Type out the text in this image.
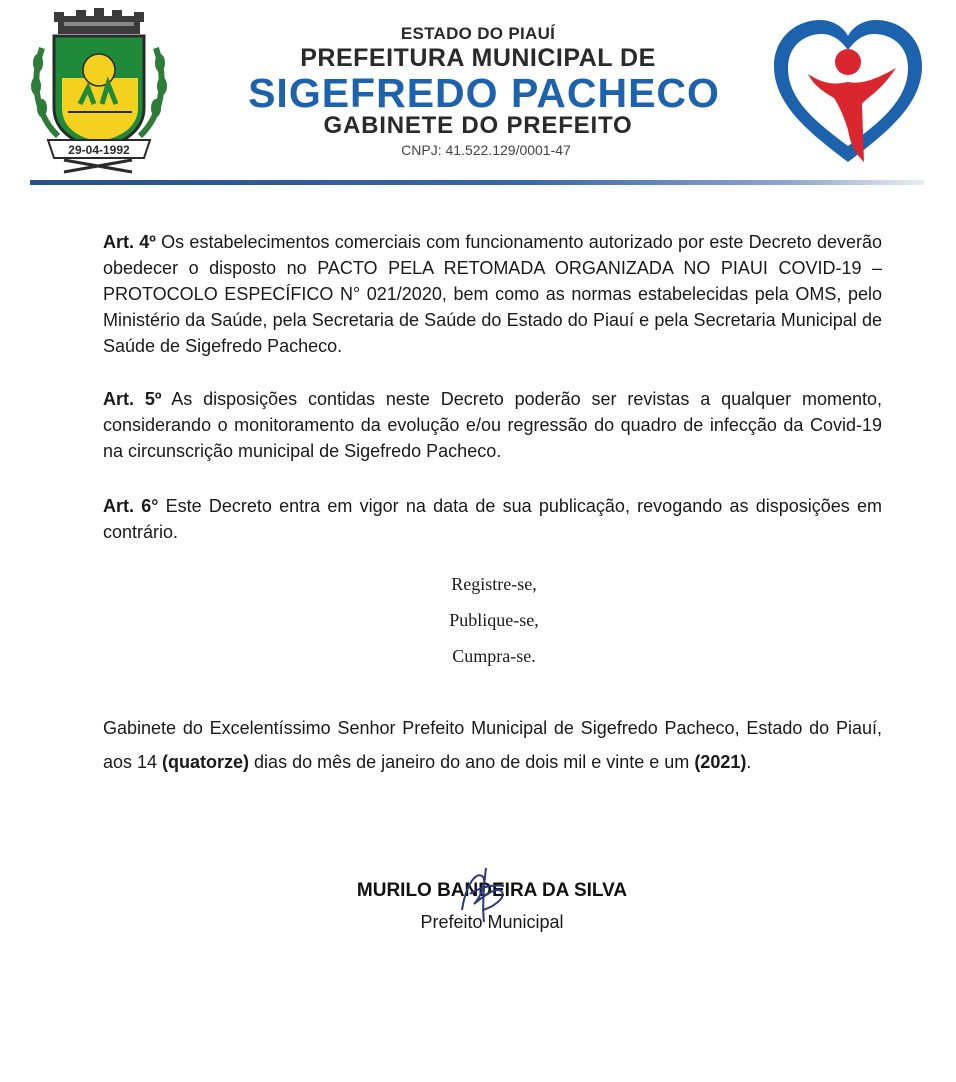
29-04-1992
ESTADO DO PIAUÍ
PREFEITURA MUNICIPAL DE
SIGEFREDO PACHECO
GABINETE DO PREFEITO
CNPJ: 41.522.129/0001-47

Art. 4º Os estabelecimentos comerciais com funcionamento autorizado por este Decreto deverão obedecer o disposto no PACTO PELA RETOMADA ORGANIZADA NO PIAUI COVID-19 – PROTOCOLO ESPECÍFICO N° 021/2020, bem como as normas estabelecidas pela OMS, pelo Ministério da Saúde, pela Secretaria de Saúde do Estado do Piauí e pela Secretaria Municipal de Saúde de Sigefredo Pacheco.

Art. 5º As disposições contidas neste Decreto poderão ser revistas a qualquer momento, considerando o monitoramento da evolução e/ou regressão do quadro de infecção da Covid-19 na circunscrição municipal de Sigefredo Pacheco.

Art. 6° Este Decreto entra em vigor na data de sua publicação, revogando as disposições em contrário.

Registre-se,
Publique-se,
Cumpra-se.

Gabinete do Excelentíssimo Senhor Prefeito Municipal de Sigefredo Pacheco, Estado do Piauí, aos 14 (quatorze) dias do mês de janeiro do ano de dois mil e vinte e um (2021).

MURILO BANDEIRA DA SILVA
Prefeito Municipal
